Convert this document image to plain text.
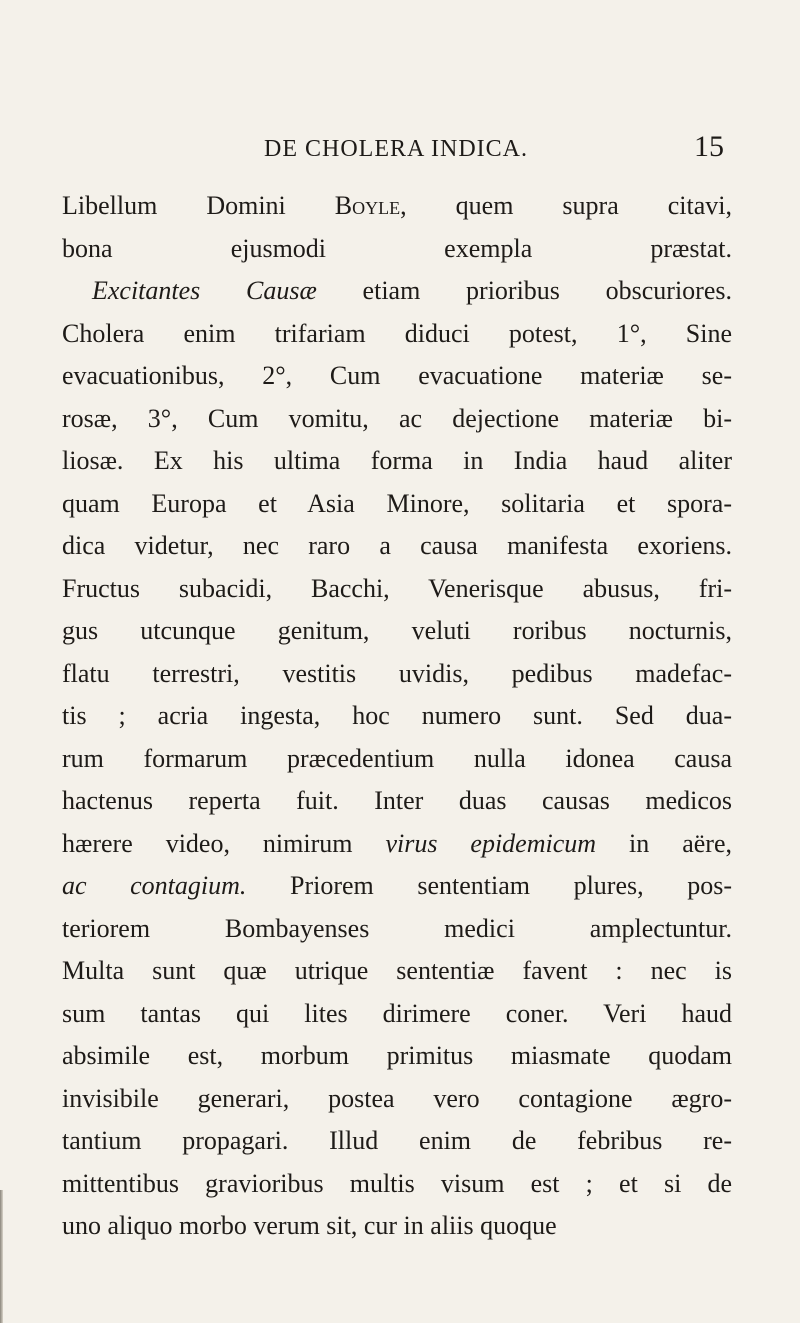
DE CHOLERA INDICA.	15
Libellum Domini Boyle, quem supra citavi,
bona ejusmodi exempla præstat.
Excitantes Causæ etiam prioribus obscuriores.
Cholera enim trifariam diduci potest, 1°, Sine
evacuationibus, 2°, Cum evacuatione materiæ se-
rosæ, 3°, Cum vomitu, ac dejectione materiæ bi-
liosæ. Ex his ultima forma in India haud aliter
quam Europa et Asia Minore, solitaria et spora-
dica videtur, nec raro a causa manifesta exoriens.
Fructus subacidi, Bacchi, Venerisque abusus, fri-
gus utcunque genitum, veluti roribus nocturnis,
flatu terrestri, vestitis uvidis, pedibus madefac-
tis ; acria ingesta, hoc numero sunt. Sed dua-
rum formarum præcedentium nulla idonea causa
hactenus reperta fuit. Inter duas causas medicos
hærere video, nimirum virus epidemicum in aëre,
ac contagium. Priorem sententiam plures, pos-
teriorem Bombayenses medici amplectuntur.
Multa sunt quæ utrique sententiæ favent : nec is
sum tantas qui lites dirimere coner. Veri haud
absimile est, morbum primitus miasmate quodam
invisibile generari, postea vero contagione ægro-
tantium propagari. Illud enim de febribus re-
mittentibus gravioribus multis visum est ; et si de
uno aliquo morbo verum sit, cur in aliis quoque
